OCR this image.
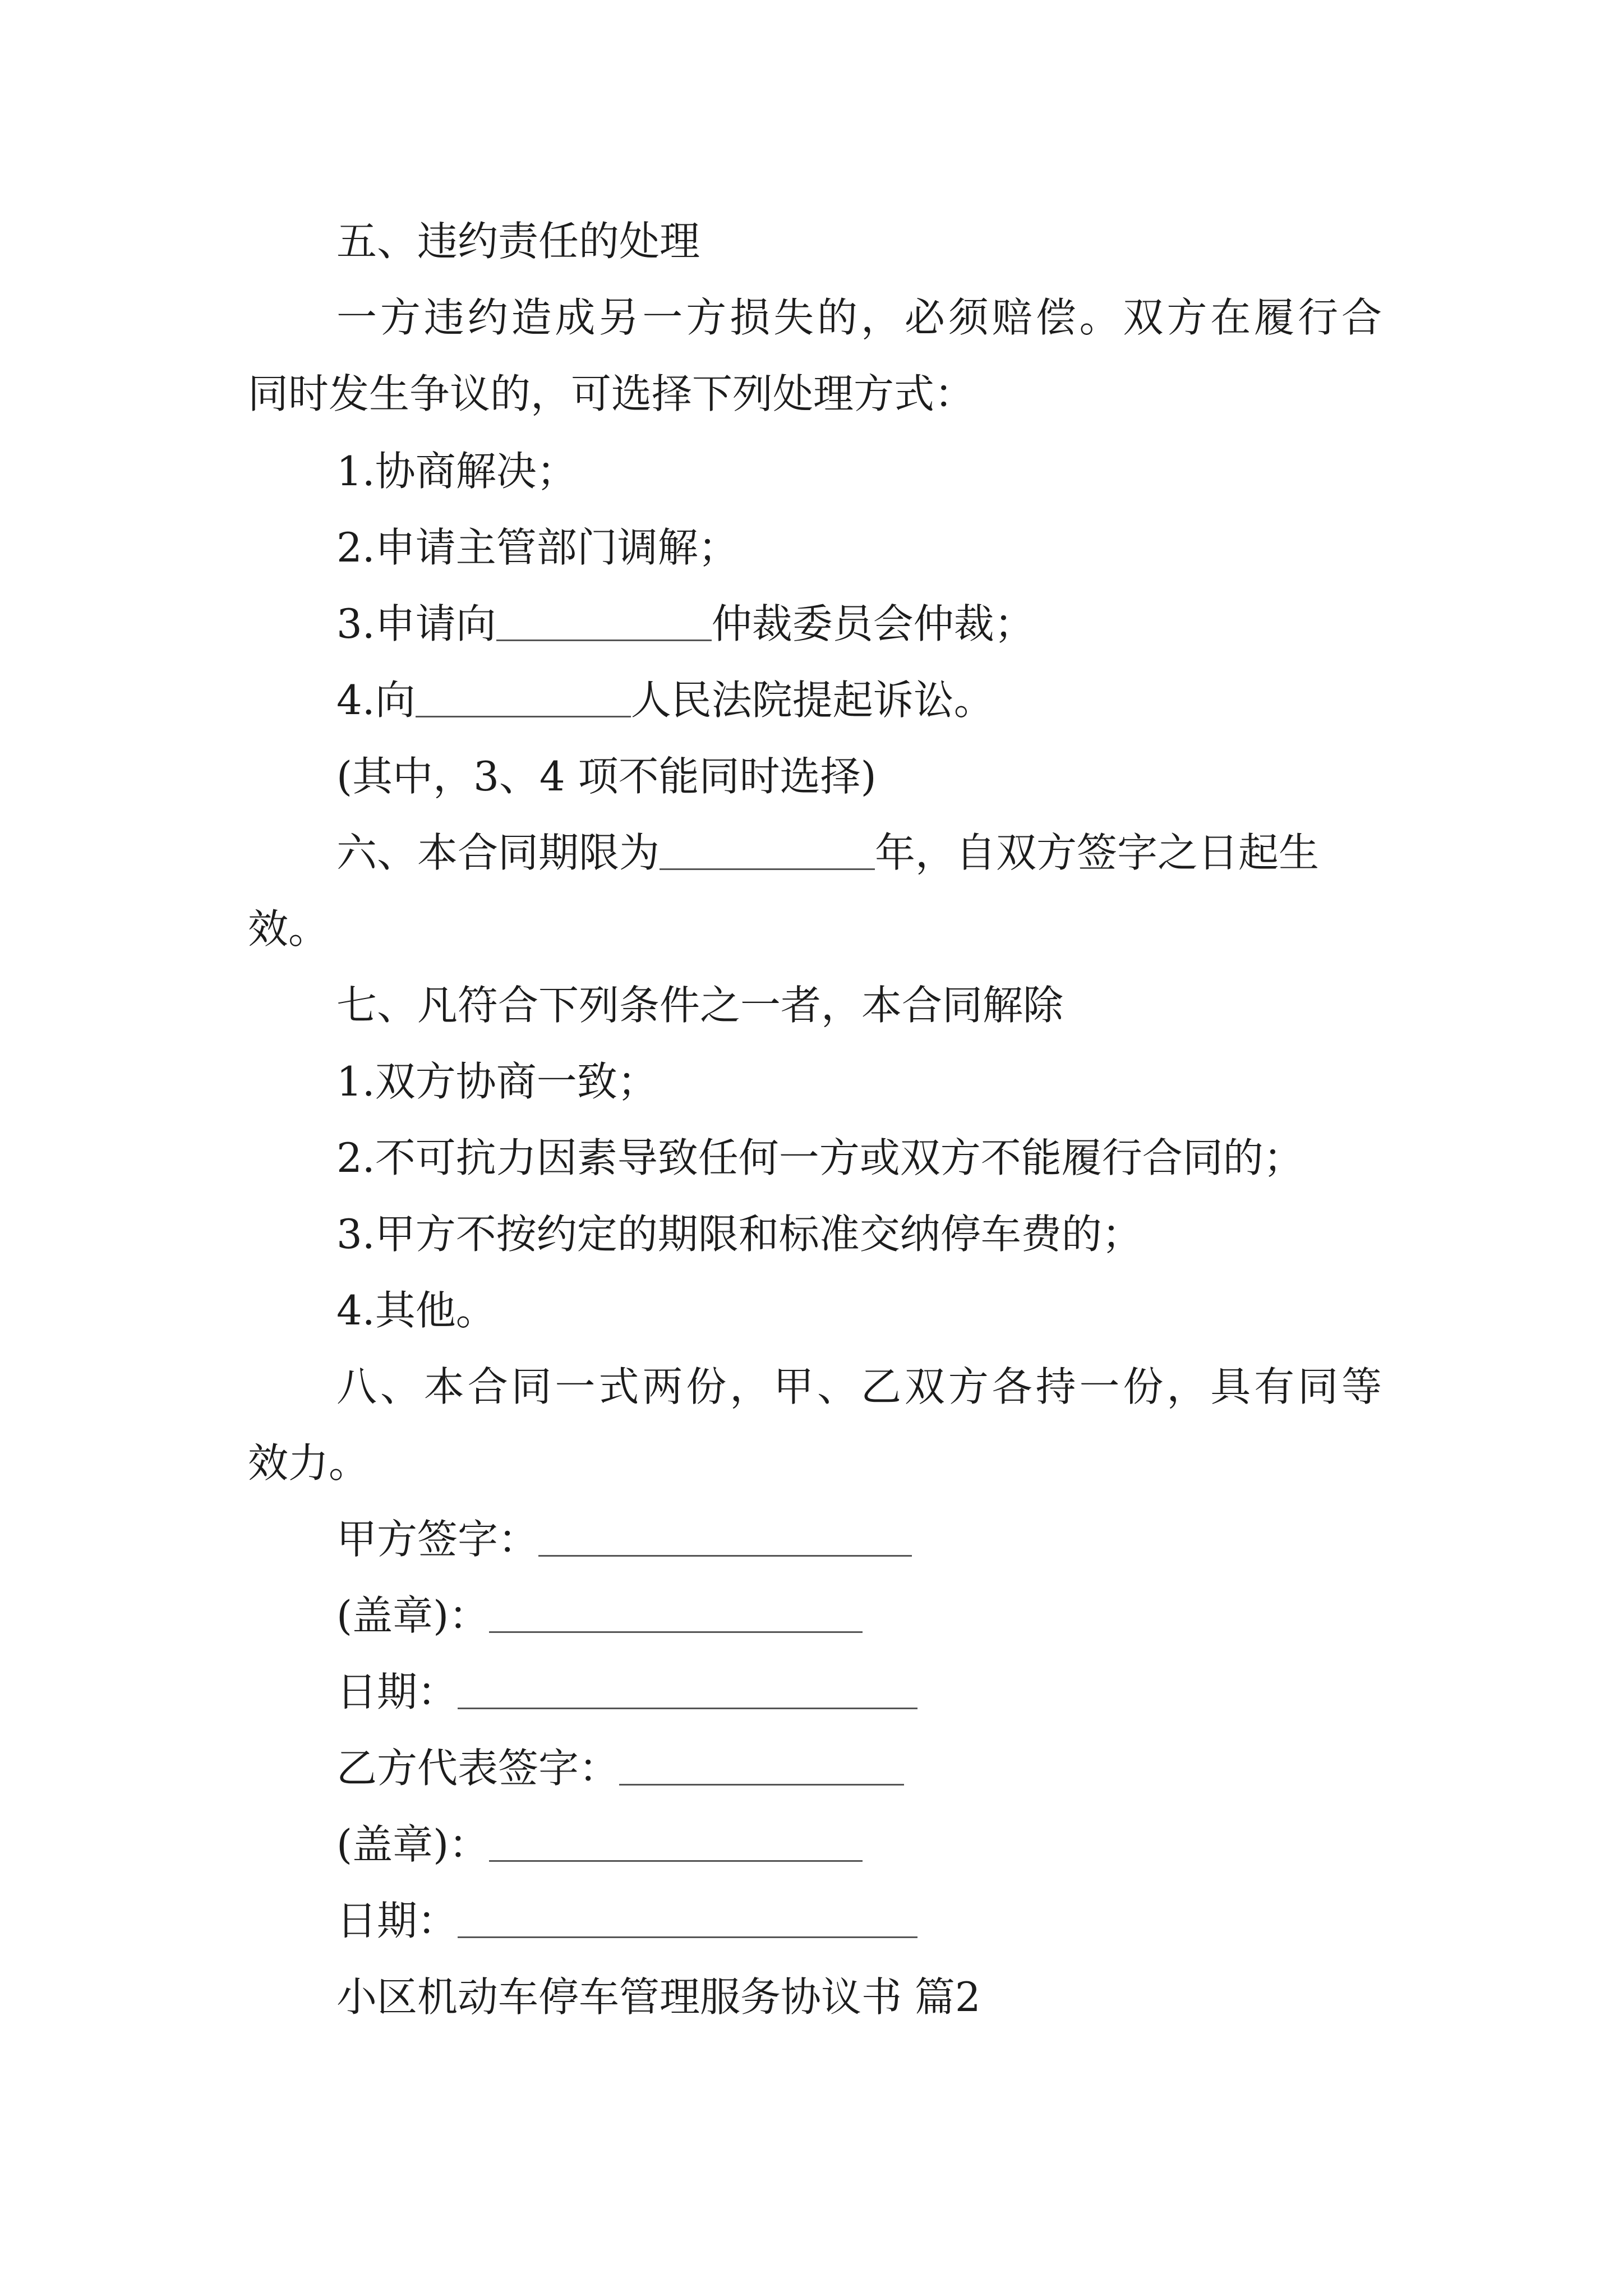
五、违约责任的处理
一方违约造成另一方损失的，必须赔偿。双方在履行合
同时发生争议的，可选择下列处理方式：
1.协商解决；
2.申请主管部门调解；
3.申请向	仲裁委员会仲裁；
4.向	人民法院提起诉讼。
(其中，3、4 项不能同时选择)
六、本合同期限为	年，自双方签字之日起生
效。
七、凡符合下列条件之一者，本合同解除
1.双方协商一致；
2.不可抗力因素导致任何一方或双方不能履行合同的；
3.甲方不按约定的期限和标准交纳停车费的；
4.其他。
八、本合同一式两份，甲、乙双方各持一份，具有同等
效力。
甲方签字：
(盖章)：
日期：
乙方代表签字：
(盖章)：
日期：
小区机动车停车管理服务协议书 篇2
